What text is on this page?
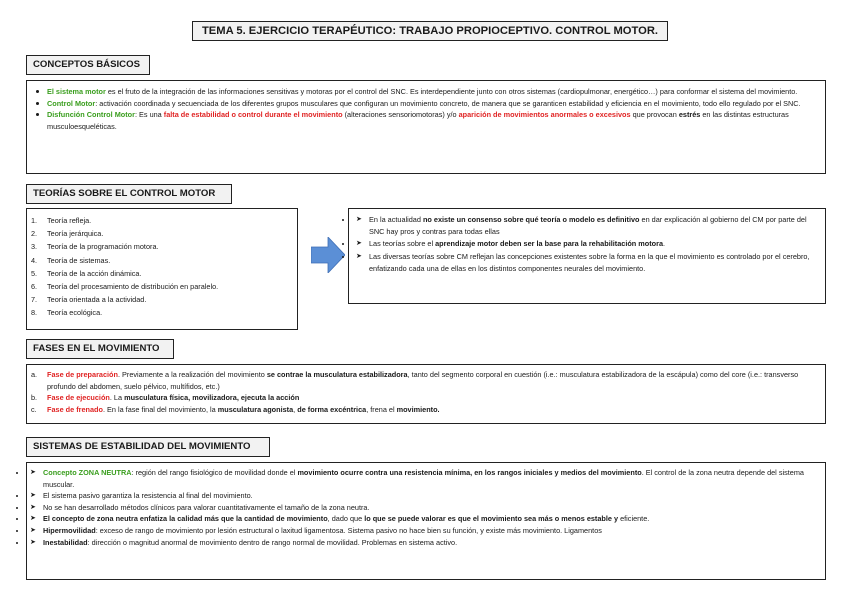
TEMA 5. EJERCICIO TERAPÉUTICO: TRABAJO PROPIOCEPTIVO. CONTROL MOTOR.
CONCEPTOS BÁSICOS
El sistema motor es el fruto de la integración de las informaciones sensitivas y motoras por el control del SNC. Es interdependiente junto con otros sistemas (cardiopulmonar, energético…) para conformar el sistema del movimiento.
Control Motor: activación coordinada y secuenciada de los diferentes grupos musculares que configuran un movimiento concreto, de manera que se garanticen estabilidad y eficiencia en el movimiento, todo ello regulado por el SNC.
Disfunción Control Motor: Es una falta de estabilidad o control durante el movimiento (alteraciones sensoriomotoras) y/o aparición de movimientos anormales o excesivos que provocan estrés en las distintas estructuras musculoesqueléticas.
TEORÍAS SOBRE EL CONTROL MOTOR
1. Teoría refleja.
2. Teoría jerárquica.
3. Teoría de la programación motora.
4. Teoría de sistemas.
5. Teoría de la acción dinámica.
6. Teoría del procesamiento de distribución en paralelo.
7. Teoría orientada a la actividad.
8. Teoría ecológica.
➤ • En la actualidad no existe un consenso sobre qué teoría o modelo es definitivo en dar explicación al gobierno del CM por parte del SNC hay pros y contras para todas ellas
➤ • Las teorías sobre el aprendizaje motor deben ser la base para la rehabilitación motora.
➤ • Las diversas teorías sobre CM reflejan las concepciones existentes sobre la forma en la que el movimiento es controlado por el cerebro, enfatizando cada una de ellas en los distintos componentes neurales del movimiento.
FASES EN EL MOVIMIENTO
a. Fase de preparación. Previamente a la realización del movimiento se contrae la musculatura estabilizadora, tanto del segmento corporal en cuestión (i.e.: musculatura estabilizadora de la escápula) como del core (i.e.: transverso profundo del abdomen, suelo pélvico, multífidos, etc.)
b. Fase de ejecución. La musculatura física, movilizadora, ejecuta la acción
c. Fase de frenado. En la fase final del movimiento, la musculatura agonista, de forma excéntrica, frena el movimiento.
SISTEMAS DE ESTABILIDAD DEL MOVIMIENTO
➤ • Concepto ZONA NEUTRA: región del rango fisiológico de movilidad donde el movimiento ocurre contra una resistencia mínima, en los rangos iniciales y medios del movimiento. El control de la zona neutra depende del sistema muscular.
➤ • El sistema pasivo garantiza la resistencia al final del movimiento.
➤ • No se han desarrollado métodos clínicos para valorar cuantitativamente el tamaño de la zona neutra.
➤ • El concepto de zona neutra enfatiza la calidad más que la cantidad de movimiento, dado que lo que se puede valorar es que el movimiento sea más o menos estable y eficiente.
➤ • Hipermovilidad: exceso de rango de movimiento por lesión estructural o laxitud ligamentosa. Sistema pasivo no hace bien su función, y existe más movimiento. Ligamentos
➤ • Inestabilidad: dirección o magnitud anormal de movimiento dentro de rango normal de movilidad. Problemas en sistema activo.
